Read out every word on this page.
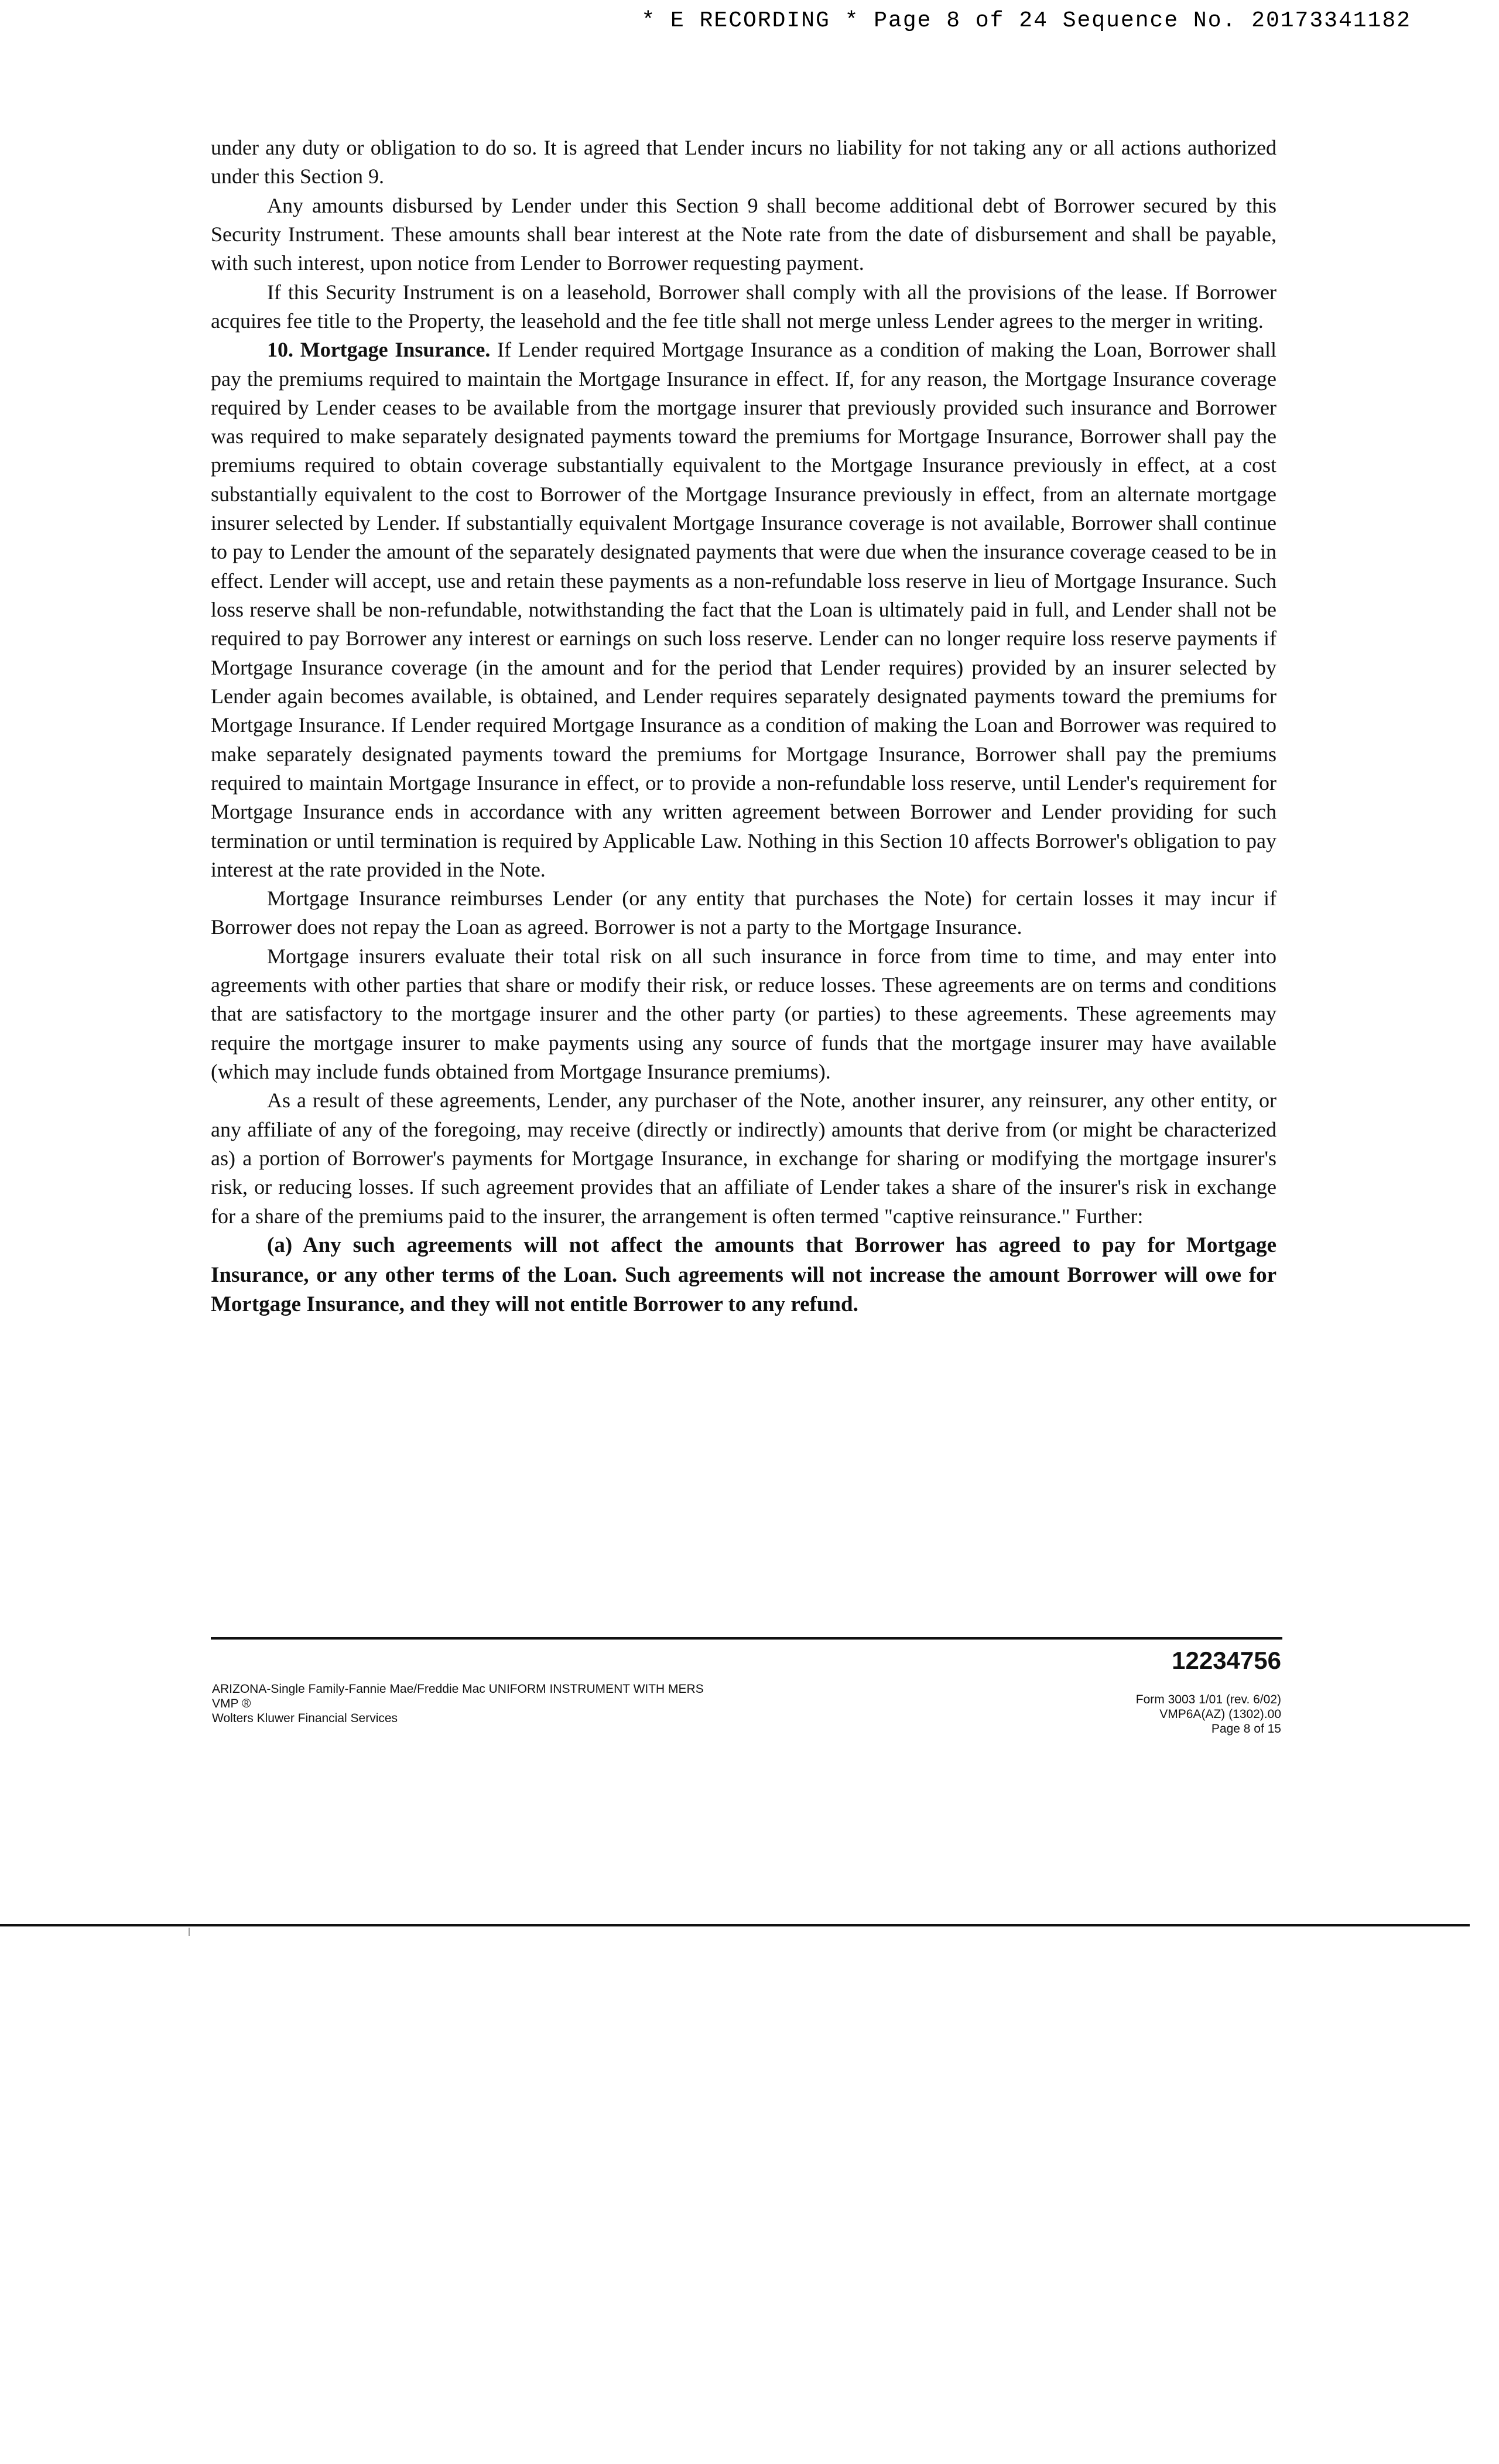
* E RECORDING * Page 8 of 24 Sequence No. 20173341182

under any duty or obligation to do so. It is agreed that Lender incurs no liability for not taking any or all actions authorized under this Section 9.

Any amounts disbursed by Lender under this Section 9 shall become additional debt of Borrower secured by this Security Instrument. These amounts shall bear interest at the Note rate from the date of disbursement and shall be payable, with such interest, upon notice from Lender to Borrower requesting payment.

If this Security Instrument is on a leasehold, Borrower shall comply with all the provisions of the lease. If Borrower acquires fee title to the Property, the leasehold and the fee title shall not merge unless Lender agrees to the merger in writing.

10. Mortgage Insurance. If Lender required Mortgage Insurance as a condition of making the Loan, Borrower shall pay the premiums required to maintain the Mortgage Insurance in effect. If, for any reason, the Mortgage Insurance coverage required by Lender ceases to be available from the mortgage insurer that previously provided such insurance and Borrower was required to make separately designated payments toward the premiums for Mortgage Insurance, Borrower shall pay the premiums required to obtain coverage substantially equivalent to the Mortgage Insurance previously in effect, at a cost substantially equivalent to the cost to Borrower of the Mortgage Insurance previously in effect, from an alternate mortgage insurer selected by Lender. If substantially equivalent Mortgage Insurance coverage is not available, Borrower shall continue to pay to Lender the amount of the separately designated payments that were due when the insurance coverage ceased to be in effect. Lender will accept, use and retain these payments as a non-refundable loss reserve in lieu of Mortgage Insurance. Such loss reserve shall be non-refundable, notwithstanding the fact that the Loan is ultimately paid in full, and Lender shall not be required to pay Borrower any interest or earnings on such loss reserve. Lender can no longer require loss reserve payments if Mortgage Insurance coverage (in the amount and for the period that Lender requires) provided by an insurer selected by Lender again becomes available, is obtained, and Lender requires separately designated payments toward the premiums for Mortgage Insurance. If Lender required Mortgage Insurance as a condition of making the Loan and Borrower was required to make separately designated payments toward the premiums for Mortgage Insurance, Borrower shall pay the premiums required to maintain Mortgage Insurance in effect, or to provide a non-refundable loss reserve, until Lender's requirement for Mortgage Insurance ends in accordance with any written agreement between Borrower and Lender providing for such termination or until termination is required by Applicable Law. Nothing in this Section 10 affects Borrower's obligation to pay interest at the rate provided in the Note.

Mortgage Insurance reimburses Lender (or any entity that purchases the Note) for certain losses it may incur if Borrower does not repay the Loan as agreed. Borrower is not a party to the Mortgage Insurance.

Mortgage insurers evaluate their total risk on all such insurance in force from time to time, and may enter into agreements with other parties that share or modify their risk, or reduce losses. These agreements are on terms and conditions that are satisfactory to the mortgage insurer and the other party (or parties) to these agreements. These agreements may require the mortgage insurer to make payments using any source of funds that the mortgage insurer may have available (which may include funds obtained from Mortgage Insurance premiums).

As a result of these agreements, Lender, any purchaser of the Note, another insurer, any reinsurer, any other entity, or any affiliate of any of the foregoing, may receive (directly or indirectly) amounts that derive from (or might be characterized as) a portion of Borrower's payments for Mortgage Insurance, in exchange for sharing or modifying the mortgage insurer's risk, or reducing losses. If such agreement provides that an affiliate of Lender takes a share of the insurer's risk in exchange for a share of the premiums paid to the insurer, the arrangement is often termed "captive reinsurance." Further:

(a) Any such agreements will not affect the amounts that Borrower has agreed to pay for Mortgage Insurance, or any other terms of the Loan. Such agreements will not increase the amount Borrower will owe for Mortgage Insurance, and they will not entitle Borrower to any refund.

12234756
ARIZONA-Single Family-Fannie Mae/Freddie Mac UNIFORM INSTRUMENT WITH MERS
VMP ®
Wolters Kluwer Financial Services
Form 3003 1/01 (rev. 6/02)
VMP6A(AZ) (1302).00
Page 8 of 15
